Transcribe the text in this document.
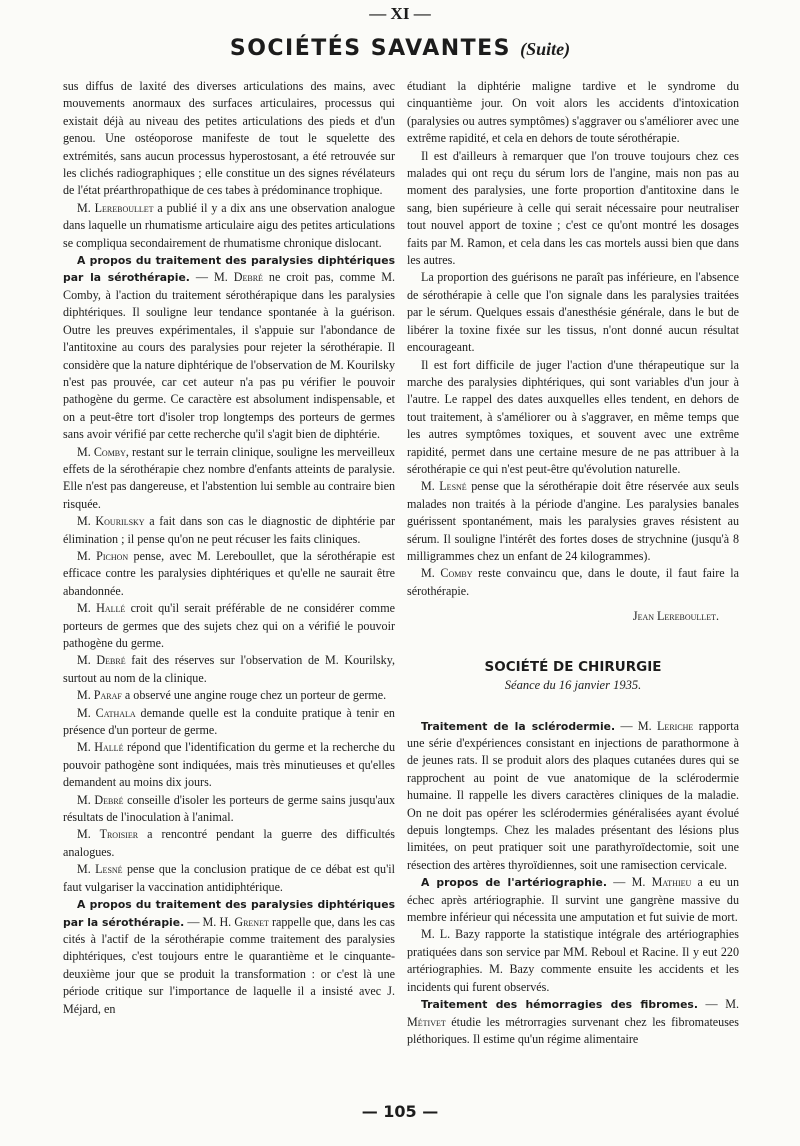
— XI —
SOCIÉTÉS SAVANTES (Suite)

sus diffus de laxité des diverses articulations des mains, avec mouvements anormaux des surfaces articulaires, processus qui existait déjà au niveau des petites articulations des pieds et d'un genou. Une ostéoporose manifeste de tout le squelette des extrémités, sans aucun processus hyperostosant, a été retrouvée sur les clichés radiographiques ; elle constitue un des signes révélateurs de l'état préarthropathique de ces tabes à prédominance trophique.

M. Lereboullet a publié il y a dix ans une observation analogue dans laquelle un rhumatisme articulaire aigu des petites articulations se compliqua secondairement de rhumatisme chronique dislocant.

A propos du traitement des paralysies diphtériques par la sérothérapie. — M. Debré ne croit pas, comme M. Comby, à l'action du traitement sérothérapique dans les paralysies diphtériques. Il souligne leur tendance spontanée à la guérison. Outre les preuves expérimentales, il s'appuie sur l'abondance de l'antitoxine au cours des paralysies pour rejeter la sérothérapie. Il considère que la nature diphtérique de l'observation de M. Kourilsky n'est pas prouvée, car cet auteur n'a pas pu vérifier le pouvoir pathogène du germe. Ce caractère est absolument indispensable, et on a peut-être tort d'isoler trop longtemps des porteurs de germes sans avoir vérifié par cette recherche qu'il s'agit bien de diphtérie.

M. Comby, restant sur le terrain clinique, souligne les merveilleux effets de la sérothérapie chez nombre d'enfants atteints de paralysie. Elle n'est pas dangereuse, et l'abstention lui semble au contraire bien risquée.

M. Kourilsky a fait dans son cas le diagnostic de diphtérie par élimination ; il pense qu'on ne peut récuser les faits cliniques.

M. Pichon pense, avec M. Lereboullet, que la sérothérapie est efficace contre les paralysies diphtériques et qu'elle ne saurait être abandonnée.

M. Hallé croit qu'il serait préférable de ne considérer comme porteurs de germes que des sujets chez qui on a vérifié le pouvoir pathogène du germe.

M. Debré fait des réserves sur l'observation de M. Kourilsky, surtout au nom de la clinique.

M. Paraf a observé une angine rouge chez un porteur de germe.

M. Cathala demande quelle est la conduite pratique à tenir en présence d'un porteur de germe.

M. Hallé répond que l'identification du germe et la recherche du pouvoir pathogène sont indiquées, mais très minutieuses et qu'elles demandent au moins dix jours.

M. Debré conseille d'isoler les porteurs de germe sains jusqu'aux résultats de l'inoculation à l'animal.

M. Troisier a rencontré pendant la guerre des difficultés analogues.

M. Lesné pense que la conclusion pratique de ce débat est qu'il faut vulgariser la vaccination antidiphtérique.

A propos du traitement des paralysies diphtériques par la sérothérapie. — M. H. Grenet rappelle que, dans les cas cités à l'actif de la sérothérapie comme traitement des paralysies diphtériques, c'est toujours entre le quarantième et le cinquante-deuxième jour que se produit la transformation : or c'est là une période critique sur l'importance de laquelle il a insisté avec J. Méjard, en

étudiant la diphtérie maligne tardive et le syndrome du cinquantième jour. On voit alors les accidents d'intoxication (paralysies ou autres symptômes) s'aggraver ou s'améliorer avec une extrême rapidité, et cela en dehors de toute sérothérapie.

Il est d'ailleurs à remarquer que l'on trouve toujours chez ces malades qui ont reçu du sérum lors de l'angine, mais non pas au moment des paralysies, une forte proportion d'antitoxine dans le sang, bien supérieure à celle qui serait nécessaire pour neutraliser tout nouvel apport de toxine ; c'est ce qu'ont montré les dosages faits par M. Ramon, et cela dans les cas mortels aussi bien que dans les autres.

La proportion des guérisons ne paraît pas inférieure, en l'absence de sérothérapie à celle que l'on signale dans les paralysies traitées par le sérum. Quelques essais d'anesthésie générale, dans le but de libérer la toxine fixée sur les tissus, n'ont donné aucun résultat encourageant.

Il est fort difficile de juger l'action d'une thérapeutique sur la marche des paralysies diphtériques, qui sont variables d'un jour à l'autre. Le rappel des dates auxquelles elles tendent, en dehors de tout traitement, à s'améliorer ou à s'aggraver, en même temps que les autres symptômes toxiques, et souvent avec une extrême rapidité, permet dans une certaine mesure de ne pas attribuer à la sérothérapie ce qui n'est peut-être qu'évolution naturelle.

M. Lesné pense que la sérothérapie doit être réservée aux seuls malades non traités à la période d'angine. Les paralysies banales guérissent spontanément, mais les paralysies graves résistent au sérum. Il souligne l'intérêt des fortes doses de strychnine (jusqu'à 8 milligrammes chez un enfant de 24 kilogrammes).

M. Comby reste convaincu que, dans le doute, il faut faire la sérothérapie.

Jean Lereboullet.
SOCIÉTÉ DE CHIRURGIE
Séance du 16 janvier 1935.

Traitement de la sclérodermie. — M. Leriche rapporta une série d'expériences consistant en injections de parathormone à de jeunes rats. Il se produit alors des plaques cutanées dures qui se rapprochent au point de vue anatomique de la sclérodermie humaine. Il rappelle les divers caractères cliniques de la maladie. On ne doit pas opérer les sclérodermies généralisées ayant évolué depuis longtemps. Chez les malades présentant des lésions plus limitées, on peut pratiquer soit une parathyroïdectomie, soit une résection des artères thyroïdiennes, soit une ramisection cervicale.

A propos de l'artériographie. — M. Mathieu a eu un échec après artériographie. Il survint une gangrène massive du membre inférieur qui nécessita une amputation et fut suivie de mort.

M. L. Bazy rapporte la statistique intégrale des artériographies pratiquées dans son service par MM. Reboul et Racine. Il y eut 220 artériographies. M. Bazy commente ensuite les accidents et les incidents qui furent observés.

Traitement des hémorragies des fibromes. — M. Métivet étudie les métrorragies survenant chez les fibromateuses pléthoriques. Il estime qu'un régime alimentaire

— 105 —
